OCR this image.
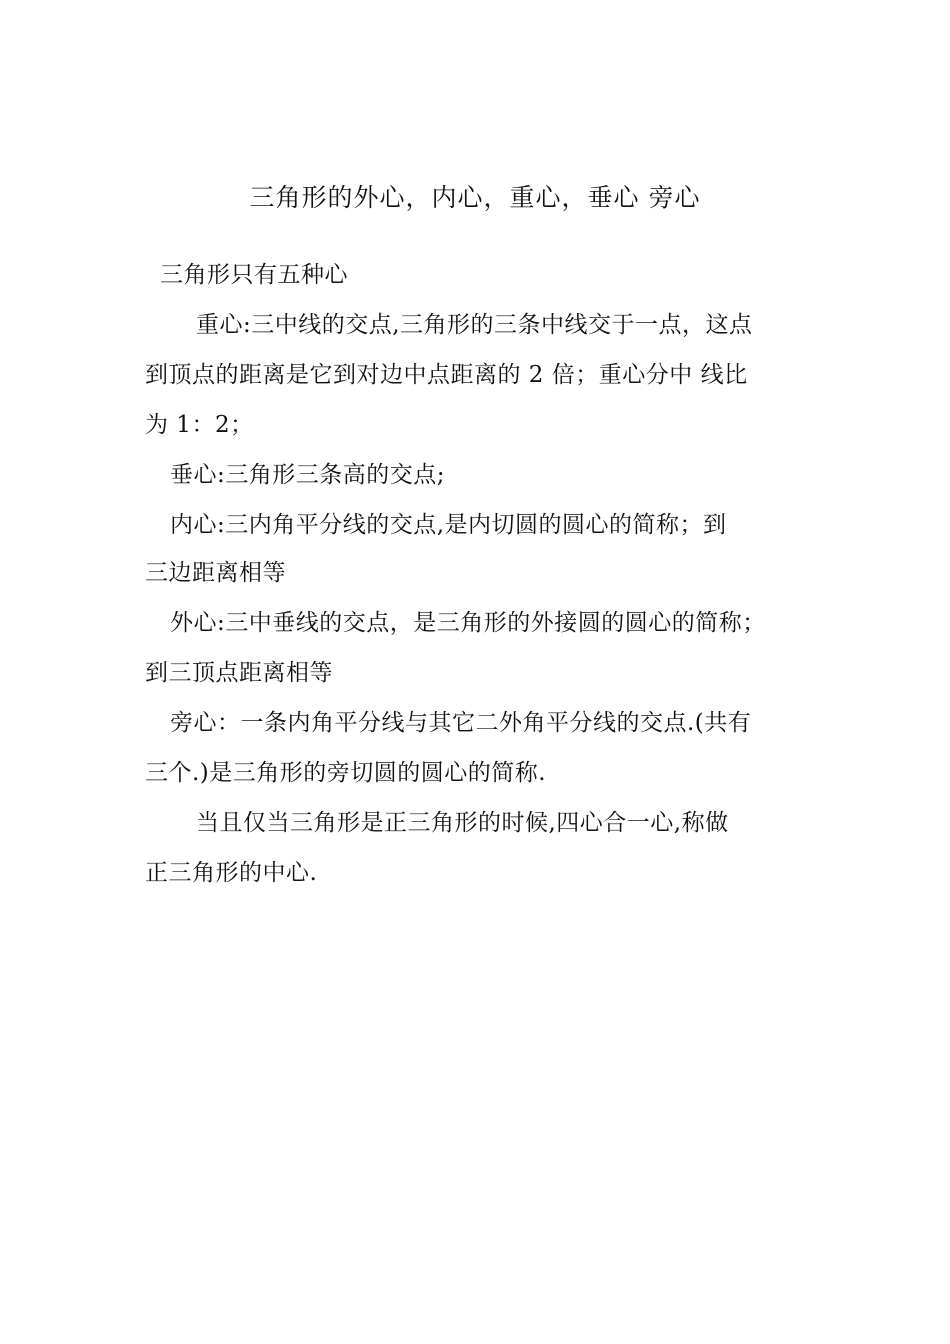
三角形的外心，内心，重心，垂心 旁心
三角形只有五种心
重心:三中线的交点,三角形的三条中线交于一点，这点
到顶点的距离是它到对边中点距离的 2 倍；重心分中 线比
为 1：2；
垂心:三角形三条高的交点;
内心:三内角平分线的交点,是内切圆的圆心的简称；到
三边距离相等
外心:三中垂线的交点，是三角形的外接圆的圆心的简称；
到三顶点距离相等
旁心：一条内角平分线与其它二外角平分线的交点.(共有
三个.)是三角形的旁切圆的圆心的简称.
当且仅当三角形是正三角形的时候,四心合一心,称做
正三角形的中心.
